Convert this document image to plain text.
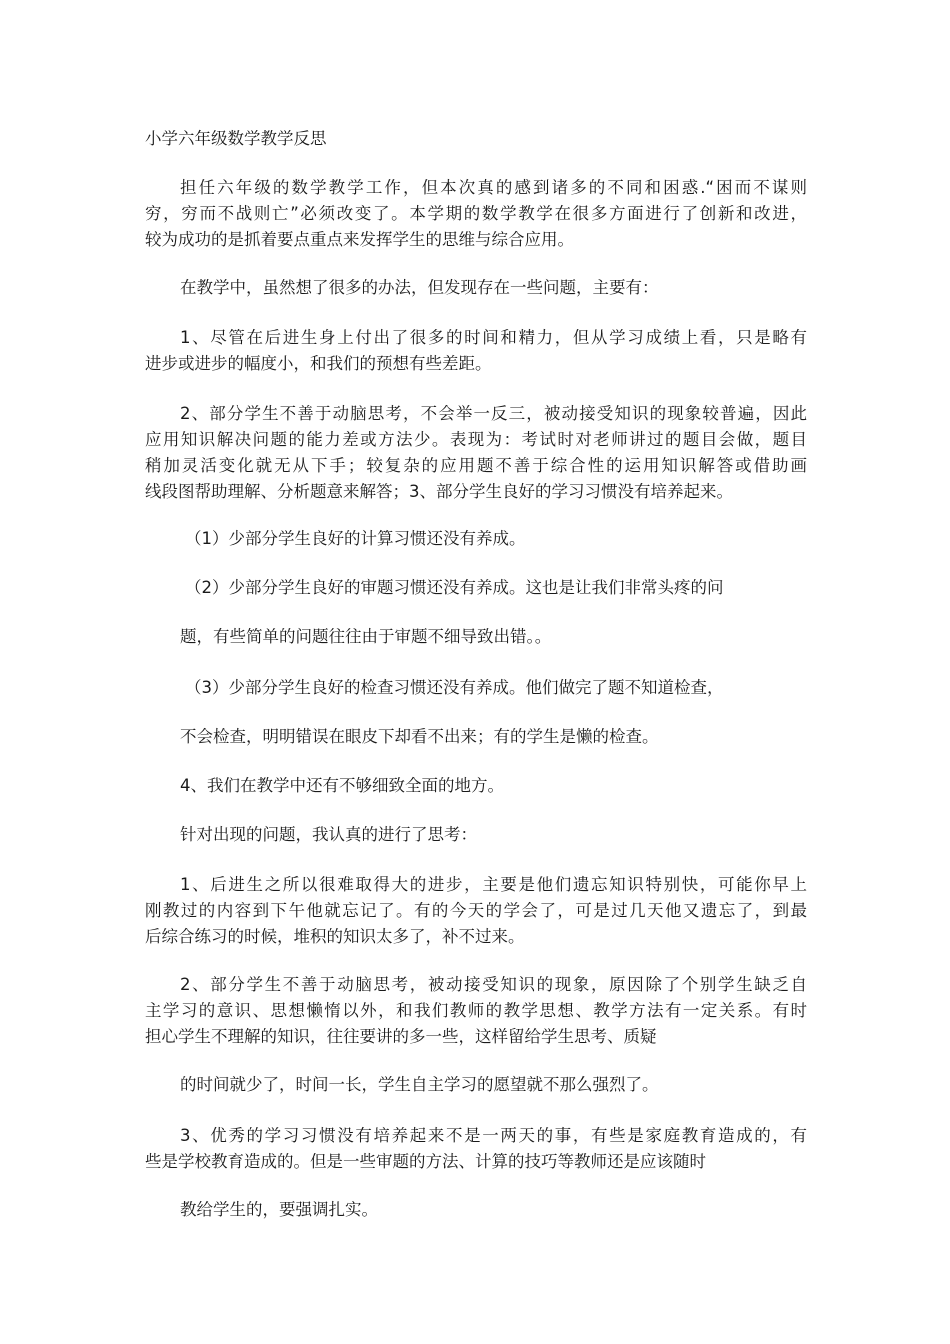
小学六年级数学教学反思
担任六年级的数学教学工作，但本次真的感到诸多的不同和困惑.“困而不谋则
穷，穷而不战则亡”必须改变了。本学期的数学教学在很多方面进行了创新和改进，
较为成功的是抓着要点重点来发挥学生的思维与综合应用。
在教学中，虽然想了很多的办法，但发现存在一些问题，主要有：
1、尽管在后进生身上付出了很多的时间和精力，但从学习成绩上看，只是略有
进步或进步的幅度小，和我们的预想有些差距。
2、部分学生不善于动脑思考，不会举一反三，被动接受知识的现象较普遍，因此
应用知识解决问题的能力差或方法少。表现为：考试时对老师讲过的题目会做，题目
稍加灵活变化就无从下手；较复杂的应用题不善于综合性的运用知识解答或借助画
线段图帮助理解、分析题意来解答；3、部分学生良好的学习习惯没有培养起来。
（1）少部分学生良好的计算习惯还没有养成。
（2）少部分学生良好的审题习惯还没有养成。这也是让我们非常头疼的问
题，有些简单的问题往往由于审题不细导致出错。。
（3）少部分学生良好的检查习惯还没有养成。他们做完了题不知道检查，
不会检查，明明错误在眼皮下却看不出来；有的学生是懒的检查。
4、我们在教学中还有不够细致全面的地方。
针对出现的问题，我认真的进行了思考：
1、后进生之所以很难取得大的进步，主要是他们遗忘知识特别快，可能你早上
刚教过的内容到下午他就忘记了。有的今天的学会了，可是过几天他又遗忘了，到最
后综合练习的时候，堆积的知识太多了，补不过来。
2、部分学生不善于动脑思考，被动接受知识的现象，原因除了个别学生缺乏自
主学习的意识、思想懒惰以外，和我们教师的教学思想、教学方法有一定关系。有时
担心学生不理解的知识，往往要讲的多一些，这样留给学生思考、质疑
的时间就少了，时间一长，学生自主学习的愿望就不那么强烈了。
3、优秀的学习习惯没有培养起来不是一两天的事，有些是家庭教育造成的，有
些是学校教育造成的。但是一些审题的方法、计算的技巧等教师还是应该随时
教给学生的，要强调扎实。
